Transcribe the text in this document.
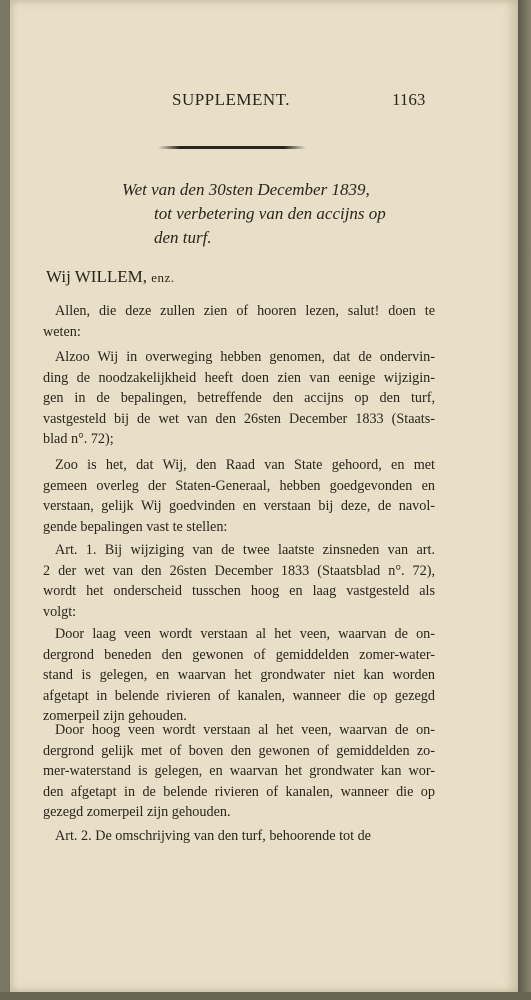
SUPPLEMENT.	1163
Wet van den 30sten December 1839,
tot verbetering van den accijns op
den turf.
Wij WILLEM, enz.
Allen, die deze zullen zien of hooren lezen, salut! doen te
weten:
Alzoo Wij in overweging hebben genomen, dat de ondervin-
ding de noodzakelijkheid heeft doen zien van eenige wijzigin-
gen in de bepalingen, betreffende den accijns op den turf,
vastgesteld bij de wet van den 26sten December 1833 (Staats-
blad n°. 72);
Zoo is het, dat Wij, den Raad van State gehoord, en met
gemeen overleg der Staten-Generaal, hebben goedgevonden en
verstaan, gelijk Wij goedvinden en verstaan bij deze, de navol-
gende bepalingen vast te stellen:
Art. 1. Bij wijziging van de twee laatste zinsneden van art.
2 der wet van den 26sten December 1833 (Staatsblad n°. 72),
wordt het onderscheid tusschen hoog en laag vastgesteld als
volgt:
Door laag veen wordt verstaan al het veen, waarvan de on-
dergrond beneden den gewonen of gemiddelden zomer-water-
stand is gelegen, en waarvan het grondwater niet kan worden
afgetapt in belende rivieren of kanalen, wanneer die op gezegd
zomerpeil zijn gehouden.
Door hoog veen wordt verstaan al het veen, waarvan de on-
dergrond gelijk met of boven den gewonen of gemiddelden zo-
mer-waterstand is gelegen, en waarvan het grondwater kan wor-
den afgetapt in de belende rivieren of kanalen, wanneer die op
gezegd zomerpeil zijn gehouden.
Art. 2. De omschrijving van den turf, behoorende tot de
